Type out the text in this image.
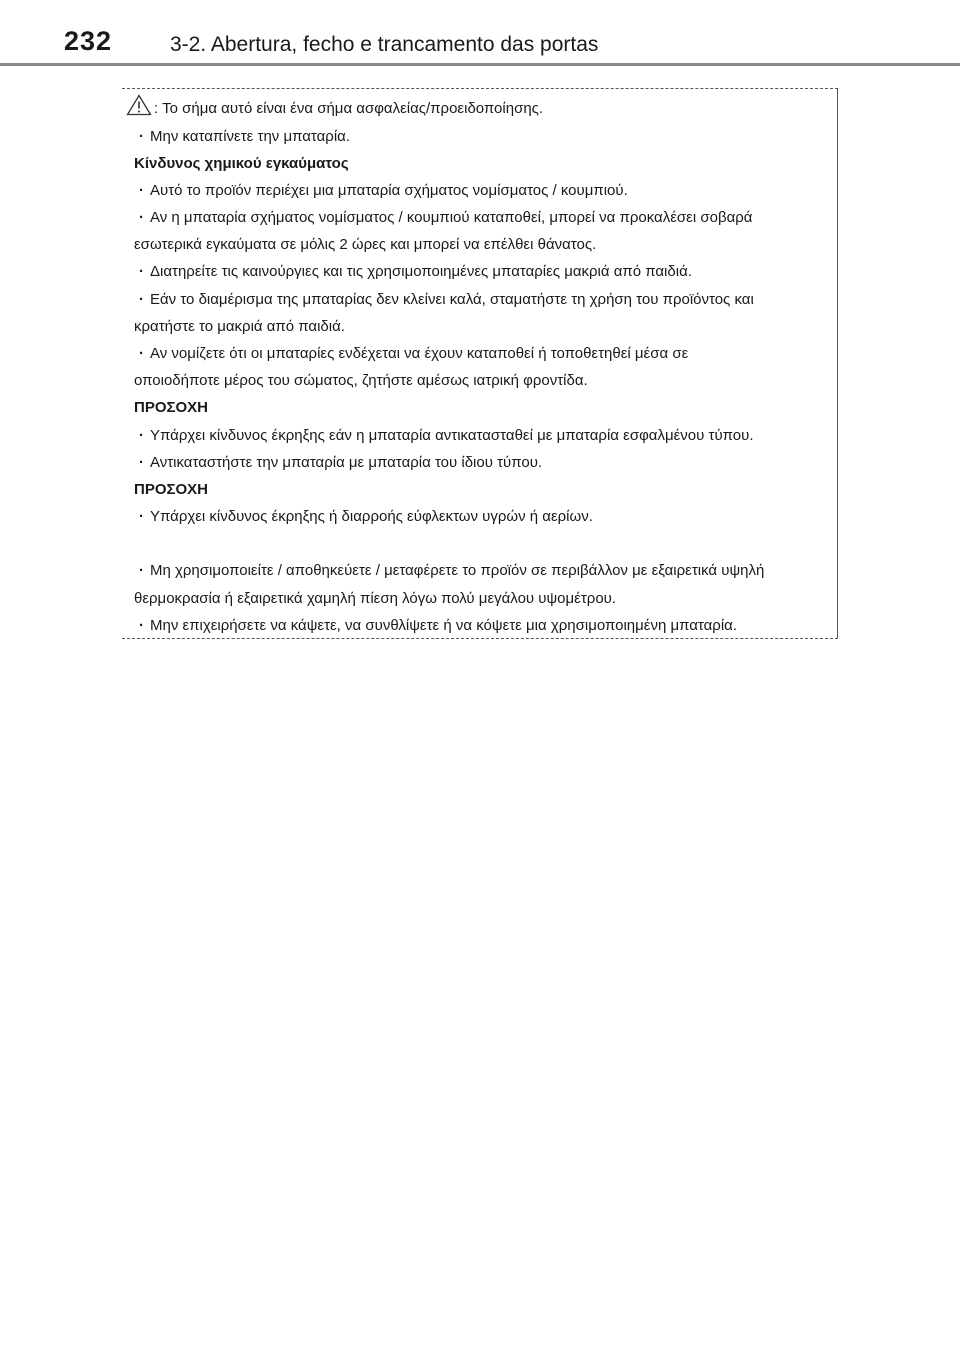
232	3-2. Abertura, fecho e trancamento das portas
: Το σήμα αυτό είναι ένα σήμα ασφαλείας/προειδοποίησης.
· Μην καταπίνετε την μπαταρία.
Κίνδυνος χημικού εγκαύματος
· Αυτό το προϊόν περιέχει μια μπαταρία σχήματος νομίσματος / κουμπιού.
· Αν η μπαταρία σχήματος νομίσματος / κουμπιού καταποθεί, μπορεί να προκαλέσει σοβαρά
εσωτερικά εγκαύματα σε μόλις 2 ώρες και μπορεί να επέλθει θάνατος.
· Διατηρείτε τις καινούργιες και τις χρησιμοποιημένες μπαταρίες μακριά από παιδιά.
· Εάν το διαμέρισμα της μπαταρίας δεν κλείνει καλά, σταματήστε τη χρήση του προϊόντος και
κρατήστε το μακριά από παιδιά.
· Αν νομίζετε ότι οι μπαταρίες ενδέχεται να έχουν καταποθεί ή τοποθετηθεί μέσα σε
οποιοδήποτε μέρος του σώματος, ζητήστε αμέσως ιατρική φροντίδα.
ΠΡΟΣΟΧΗ
· Υπάρχει κίνδυνος έκρηξης εάν η μπαταρία αντικατασταθεί με μπαταρία εσφαλμένου τύπου.
· Αντικαταστήστε την μπαταρία με μπαταρία του ίδιου τύπου.
ΠΡΟΣΟΧΗ
· Υπάρχει κίνδυνος έκρηξης ή διαρροής εύφλεκτων υγρών ή αερίων.
· Μη χρησιμοποιείτε / αποθηκεύετε / μεταφέρετε το προϊόν σε περιβάλλον με εξαιρετικά υψηλή
θερμοκρασία ή εξαιρετικά χαμηλή πίεση λόγω πολύ μεγάλου υψομέτρου.
· Μην επιχειρήσετε να κάψετε, να συνθλίψετε ή να κόψετε μια χρησιμοποιημένη μπαταρία.
